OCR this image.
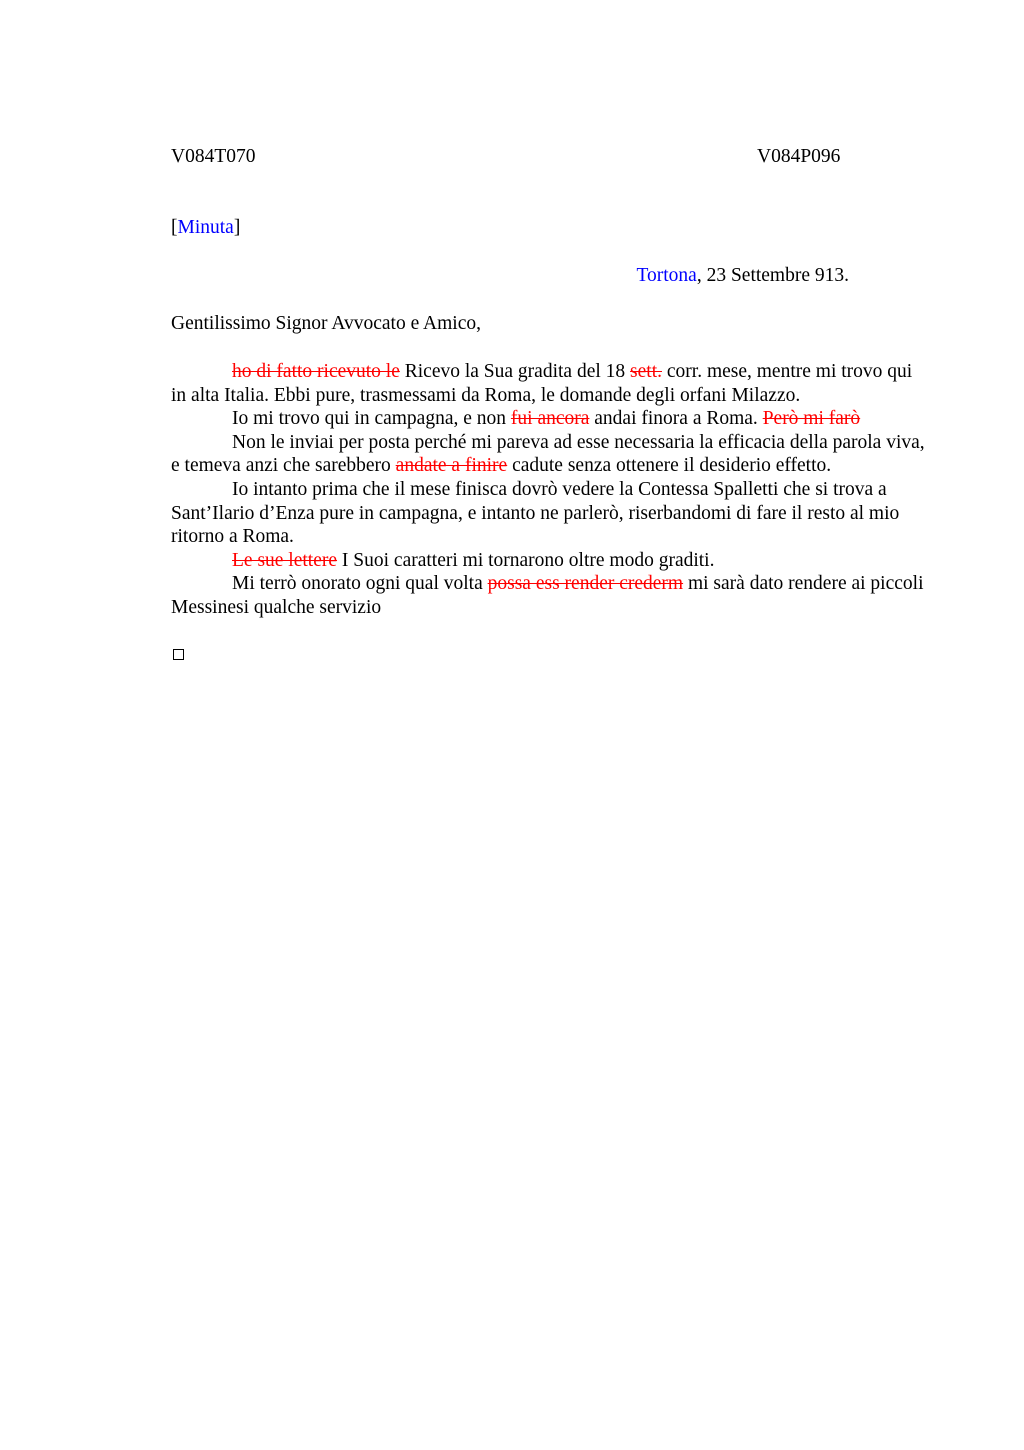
V084T070	V084P096
[Minuta]
Tortona, 23 Settembre 913.
Gentilissimo Signor Avvocato e Amico,

ho di fatto ricevuto le Ricevo la Sua gradita del 18 sett. corr. mese, mentre mi trovo qui in alta Italia. Ebbi pure, trasmessami da Roma, le domande degli orfani Milazzo.

Io mi trovo qui in campagna, e non fui ancora andai finora a Roma. Però mi farò

Non le inviai per posta perché mi pareva ad esse necessaria la efficacia della parola viva, e temeva anzi che sarebbero andate a finire cadute senza ottenere il desiderio effetto.

Io intanto prima che il mese finisca dovrò vedere la Contessa Spalletti che si trova a Sant’Ilario d’Enza pure in campagna, e intanto ne parlerò, riserbandomi di fare il resto al mio ritorno a Roma.

Le sue lettere I Suoi caratteri mi tornarono oltre modo graditi.

Mi terrò onorato ogni qual volta possa ess render crederm mi sarà dato rendere ai piccoli Messinesi qualche servizio
